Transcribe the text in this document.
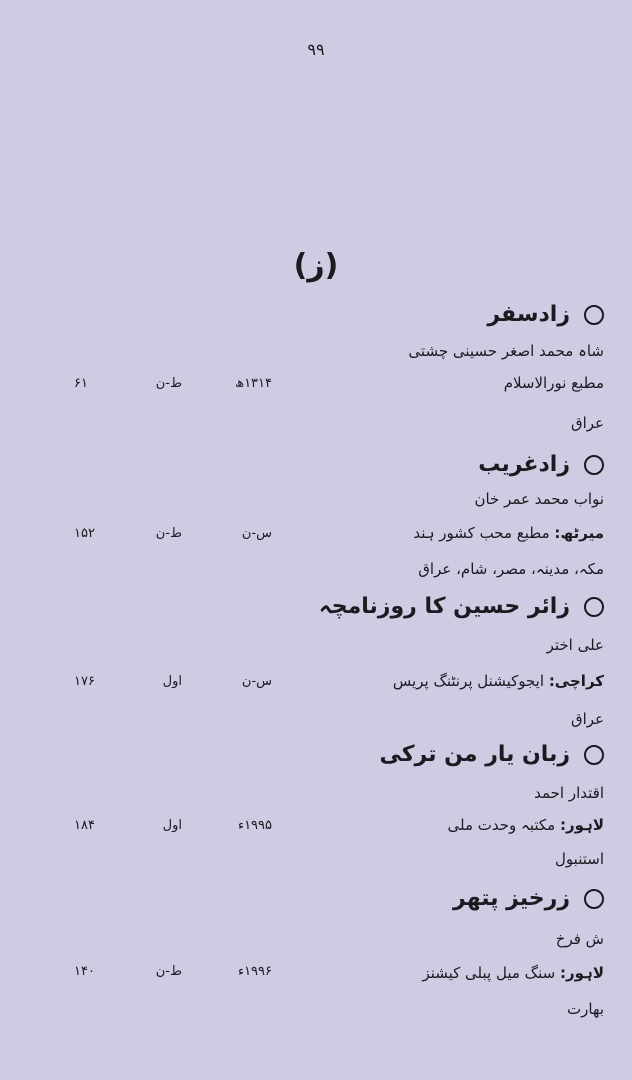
۹۹
(ز)
زادسفر
شاہ محمد اصغر حسینی چشتی
مطبع نورالاسلام
۱۳۱۴ھ
ط-ن
۶۱
عراق
زادغریب
نواب محمد عمر خان
میرٹھ: مطبع محب کشور ہند
س-ن
ط-ن
۱۵۲
مکہ، مدینہ، مصر، شام، عراق
زائر حسین کا روزنامچہ
علی اختر
کراچی: ایجوکیشنل پرنٹنگ پریس
س-ن
اول
۱۷۶
عراق
زبان یار من ترکی
اقتدار احمد
لاہور: مکتبہ وحدت ملی
۱۹۹۵ء
اول
۱۸۴
استنبول
زرخیز پتھر
ش فرخ
لاہور: سنگ میل پبلی کیشنز
۱۹۹۶ء
ط-ن
۱۴۰
بھارت
